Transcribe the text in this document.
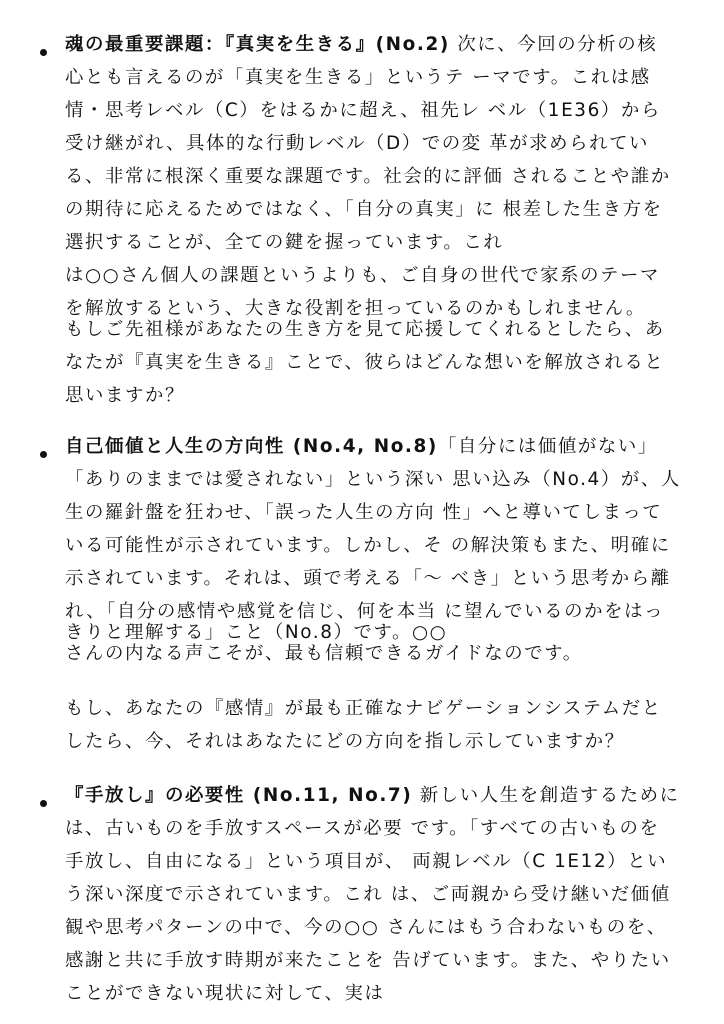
魂の最重要課題：『真実を生きる』(No.2) 次に、今回の分析の核
心とも言えるのが「真実を生きる」というテ ーマです。これは感
情・思考レベル（C）をはるかに超え、祖先レ ベル（1E36）から
受け継がれ、具体的な行動レベル（D）での変 革が求められてい
る、非常に根深く重要な課題です。社会的に評価 されることや誰か
の期待に応えるためではなく、「自分の真実」に 根差した生き方を
選択することが、全ての鍵を握っています。これ
は○○さん個人の課題というよりも、ご自身の世代で家系のテーマ
を解放するという、大きな役割を担っているのかもしれません。
もしご先祖様があなたの生き方を見て応援してくれるとしたら、あ
なたが『真実を生きる』ことで、彼らはどんな想いを解放されると
思いますか？
自己価値と人生の方向性 (No.4, No.8)「自分には価値がない」
「ありのままでは愛されない」という深い 思い込み（No.4）が、人
生の羅針盤を狂わせ、「誤った人生の方向 性」へと導いてしまって
いる可能性が示されています。しかし、そ の解決策もまた、明確に
示されています。それは、頭で考える「～ べき」という思考から離
れ、「自分の感情や感覚を信じ、何を本当 に望んでいるのかをはっ
きりと理解する」こと（No.8）です。○○
さんの内なる声こそが、最も信頼できるガイドなのです。
もし、あなたの『感情』が最も正確なナビゲーションシステムだと
したら、今、それはあなたにどの方向を指し示していますか？
『手放し』の必要性 (No.11, No.7) 新しい人生を創造するために
は、古いものを手放すスペースが必要 です。「すべての古いものを
手放し、自由になる」という項目が、 両親レベル（C 1E12）とい
う深い深度で示されています。これ は、ご両親から受け継いだ価値
観や思考パターンの中で、今の○○ さんにはもう合わないものを、
感謝と共に手放す時期が来たことを 告げています。また、やりたい
ことができない現状に対して、実は
